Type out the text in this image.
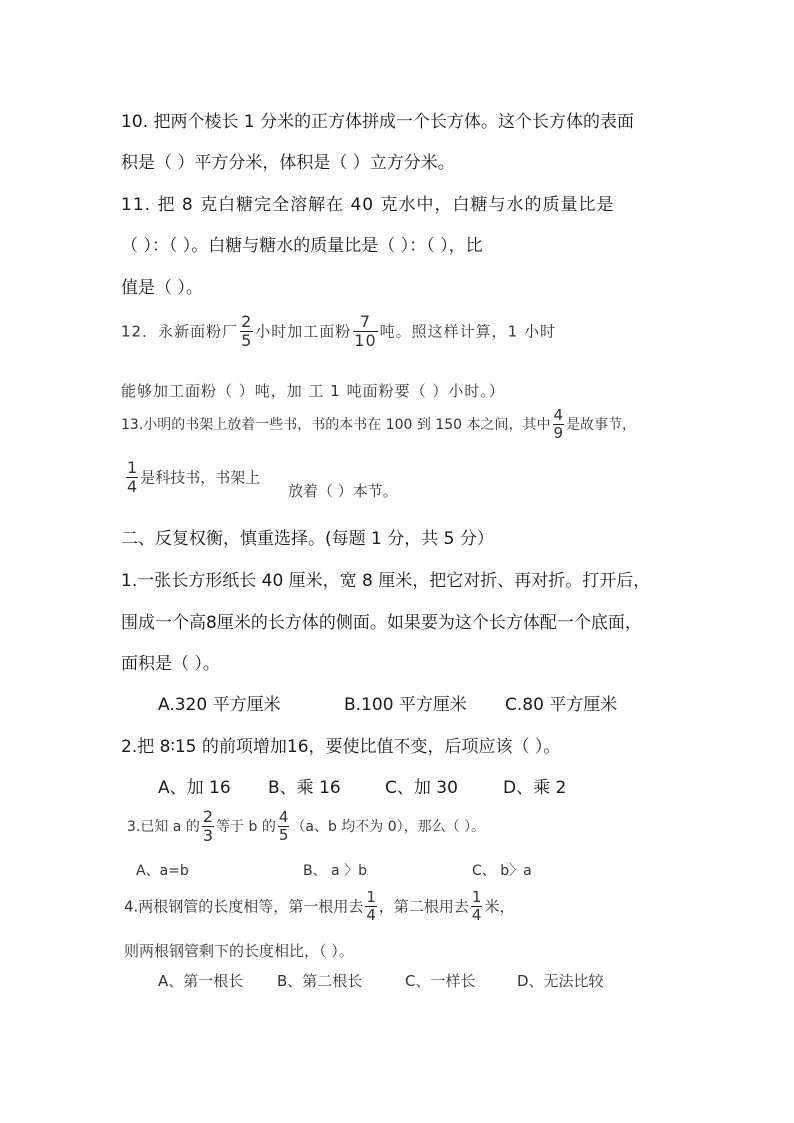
10. 把两个棱长 1 分米的正方体拼成一个长方体。这个长方体的表面
积是（ ）平方分米，体积是（ ）立方分米。
11. 把 8 克白糖完全溶解在 40 克水中，白糖与水的质量比是
（ ）：（ ）。白糖与糖水的质量比是（ ）：（ ），比
值是（ ）。
12．永新面粉厂 $\frac{2}{5}$ 小时加工面粉 $\frac{7}{10}$ 吨。照这样计算，1 小时
能够加工面粉（ ）吨，加 工 1 吨面粉要（ ）小时。）
13.小明的书架上放着一些书，书的本书在 100 到 150 本之间，其中 $\frac{4}{9}$ 是故事节，
$\frac{1}{4}$ 是科技书，书架上
放着（ ）本节。
二、反复权衡，慎重选择。(每题 1 分，共 5 分）
1.一张长方形纸长 40 厘米，宽 8 厘米，把它对折、再对折。打开后，
围成一个高8厘米的长方体的侧面。如果要为这个长方体配一个底面，
面积是（ ）。
A.320 平方厘米	B.100 平方厘米 C.80 平方厘米
2.把 8∶15 的前项增加16，要使比值不变，后项应该（ ）。
A、加 16 B、乘 16	C、加 30	D、乘 2
3.已知 a 的 $\frac{2}{3}$ 等于 b 的 $\frac{4}{5} (a$、b 均不为 0），那么（ ）。
A、a=b	B、 a 〉b	C、 b〉a
4.两根钢管的长度相等，第一根用去 $\frac{1}{4}$ ，第二根用去 $\frac{1}{4}$ 米，
则两根钢管剩下的长度相比，（ ）。
A、第一根长 B、第二根长	C、一样长	D、无法比较
